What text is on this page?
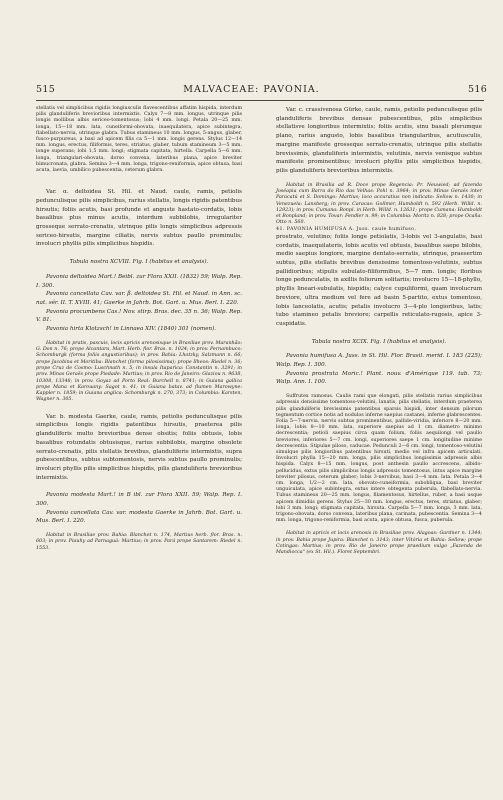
515	MALVACEAE: PAVONIA.	516
stellatis vel simplicibus rigidis longiusculis flavescentibus affatim hispida, interdum pilis glanduliferis brevioribus intermixtis. Calyx 7—8 mm. longus, utrinque pilis longis mollibus albis sericeo-tomentosus; lobi 4 mm. longi. Petala 20—25 mm. longa, 15—18 mm. lata, cuneiformi-obovata, inaequilatera, apice subintegra, flabellato-nervia, utrinque glabra. Tubus stamineus 10 mm. longus, 5-angus, glaber, fusco-purpureus, a basi ad apicem filis ca 5—1 mm. longis gerens. Stylus 12—14 mm. longus, erectus, filiformis, teres, striatus, glaber, tubum stamineum 3—5 mm. longe superans; lobi 1,5 mm. longi; stigmata capitata, hirtella. Carpella 5—6 mm. longa, triangulari-obovata, dorso convexa, lateribus plana, apice breviter bimucronata, glabra. Semina 3—4 mm. longa, trigono-reniformia, apice obtusa, basi acuta, laevia, umbilico pubescentia, ceterum glabra.

Var. α. deltoidea St. Hil. et Naud. caule, ramis, petiolis pedunculisque pilis simplicibus, rarius stellatis, longis rigidis patentibus hirsutis; foliis acutis, basi profunde et anguste hastato-cordatis, lobis basalibus plus minus acutis, interdum subbilobis, irregulariter grosseque serrato-crenatis, utrinque pilis longis simplicibus adpressis sericeo-hirsutis, margine ciliatis, nervis subtus paullo prominulis; involucri phyllis pilis simplicibus hispidis.

Tabula nostra XCVIII. Fig. I (habitus et analysis).

Pavonia deltoidea Mart.! Beibl. zur Flora XXII. (1832) 59; Walp. Rep. I. 300.

Pavonia cancellata Cav. var. β. deltoidea St. Hil. et Naud. in Ann. sc. nat. sér. II. T. XVIII. 41; Gaerke in Jahrb. Bot. Gart. u. Mus. Berl. I. 220.

Pavonia procumbens Cas.! Nov. stirp. Bras. dec. 35 n. 36; Walp. Rep. V. 81.

Pavonia hirta Klotzsch! in Linnaea XIV. (1840) 301 (nomen).

Habitat in pratis, pascuis, locis apricis arenosisque in Brasiliae prov. Maranhão: G. Don n. 76; prope Alcantara, Mart. Herb. flor. Bras. n. 1024; in prov. Pernambuco: Schomburgk (forma foliis angustioribus); in prov. Bahia: Lhotzky, Salzmann n. 66; prope Jacobina et Moritiba: Blanchet (forma pilosissima); prope Ilheos: Riedel n. 36; prope Cruz de Cosmo: Luschnath n. 5; in insula Itaparica: Constantin n. 3291; in prov. Minas Geraës prope Piedade: Martius; in prov. Rio de Janeiro: Glaziou n. 9638, 10308, 13348; in prov. Goyaz ad Porto Real: Burchell n. 8741; in Guiana gallica prope Mana et Karouany: Sagot n. 41; in Guiana batav. ad flumen Marowyne: Kappler n. 1859; in Guiana anglica: Schomburgk n. 270, 373; in Columbia: Karsten, Wagner n. 305.

Var. b. modesta Gaerke, caule, ramis, petiolis pedunculisque pilis simplicibus longis rigidis patentibus hirsutis, praeterea pilis glanduliferis multo brevioribus dense obsitis; foliis obtusis, lobis basalibus rotundatis obtusisque, rarius subbilobis, margine obsolete serrato-crenatis, pilis stellatis brevibus, glanduliferis intermixtis, supra pubescentibus, subtus subtomentosis, nervis subtus paullo prominulis; involucri phyllis pilis simplicibus hispidis, pilis glanduliferis brevioribus intermixtis.

Pavonia modesta Mart.! in B ibl. zur Flora XXII. 59; Walp. Rep. I. 300.

Pavonia cancellata Cav. var. modesta Gaerke in Jahrb. Bot. Gart. u. Mus. Berl. I. 220.

Habitat in Brasiliae prov. Bahia: Blanchet n. 174, Martius herb. flor. Bras. n. 603; in prov. Piauhy ad Parnaguá: Martius; in prov. Pará prope Santarem: Riedel n. 1553.

Var. c. crassivenosa Gürke, caule, ramis, petiolis pedunculisque pilis glanduliferis brevibus densae pubescentibus, pilis simplicibus stellatisve longioribus intermixtis; foliis acutis, sinu basali plerumque plano, rarius angusto, lobis basalibus triangularibus, acutiusculis, margine manifeste grosseque serrato-crenatis, utrinque pilis stellatis brevissimis, glanduliferis intermixtis, velutinis, nervis venisque subtus manifeste prominentibus; involucri phyllis pilis simplicibus hispidis, pilis glanduliferis brevioribus intermixtis.

Habitat in Brasilia ad R. Doce prope Regencia: Pr. Neuwied; ad fazenda Joséapia cum Barra do Rio das Velhas: Pohl n. 3964; in prov. Minas Geraës inter Paracatú et S. Domingo: Martius; loco accuratius non indicato: Sellow n. 1430; in Venezuela: Lansberg; in prov. Caracas: Gollmer, Humboldt n. 592 (Herb. Willd. n. 12923); in prov. Cumana: Bonpl. in Herb. Willd. n. 12631; prope Cumana: Humboldt et Bonpland; in prov. Tovar: Fendler n. 99; in Columbia: Moritz n. 828; prope Ocaña: Otto n. 560.

41. PAVONIA HUMIFUSA A. Juss. caule humifuso,

prostrato, velutino; foliis longe petiolatis, 3-lobis vel 3-angulatis, basi cordatis, inaequilateris, lobis acutis vel obtusis, basalibus saepe bilobis, medio saepius longiore, margine dentato-serratis, utrinque, praesertim subtus, pilis stellatis brevibus densissime tomentoso-velutinis, subtus pallidioribus; stipulis subulato-filiformibus, 5—7 mm. longis; floribus longe pedunculatis, in axillis foliorum solitariis; involucro 15—18-phyllo, phyllis lineari-subulatis, hispidis; calyce cupuliformi, quam involucrum breviore, ultra medium vel fere ad basin 5-partito, extus tomentoso, lobis lanceolatis, acutis; petalis involucro 3—4-plo longioribus, latis; tubo stamineo petalis breviore; carpellis reticulato-rugosis, apice 3-cuspidatis.

Tabula nostra XCIX. Fig. I (habitus et analysis).

Pavonia humifusa A. Juss. in St. Hil. Flor. Brasil. merid. I. 183 (225); Walp. Rep. I. 300.

Pavonia prostrata Moric.! Plant. nouv. d'Amérique 119. tab. 73; Walp. Ann. I. 100.

Suffrutex ramosus. Caulis rami que elongati, pilis stellatis rarius simplicibus adpressis densissime tomentoso-velutini, lanatis, pilis stellatis, interdum praeterea pilis glanduliferis brevissimis patentibus sparsis hispidi, inter densum pilorum tegmentum cortice notis ad nodulos inferne saepius castanei, inferne glabrescentes. Folia 5—7-nervia, nervis subtus prominentibus, pallide-viridia, inferiore 8—20 mm. longa, lobis 8—10 mm. lata, superiore saepius ad 1 cm. diametro minimo decrescentia; petioli saepius circa quam folium, foliis aequilongi vel paullo breviores, inferiores 5—7 cm. longi, superiores saepe 1 cm. longitudine minime decrescentia. Stipulae piloso, caducae. Pedunculi 2—6 cm. longi, tomentoso-velutini simulque pilis longioribus patentibus hirsuti, medio vel infra apicem articulati. Involucri phylla 15—20 mm. longa, pilis simplicibus longissimis adpressis albis hispida. Calyx 8—15 mm. longus, post anthesin paullo accrescens, albido-pellucidus, extus pilis simplicibus longis adpressis tomentosus, intus apice margine breviter pilosus, ceterum glaber; lobis 3-nervibus, basi 3—4 mm. lata. Petala 3—4 cm. longa, 1/2—2 cm. lata, obovato-cuneiformia, subobliqua, basi breviter unguiculata, apice subintegra, extus intere obtegenta puberula, flabellato-nervia. Tubus stamineus 20—25 mm. longus, filamentosus, hirtellus, ruber, a basi usque apicem dimidiis gerens. Stylus 25—30 mm. longus, erectus, teres, striatus, glaber; lobi 3 mm. longi; stigmata capitata, hirsuta. Carpella 5—7 mm. longa, 3 mm. lata, trigono-obovata, dorso convexa, lateribus plana, carinata, pubescentia. Semina 3—4 mm. longa, trigono-reniformia, basi acuta, apice obtusa, fusca, puberula.

Habitat in apricis et locis arenosis in Brasiliae prov. Alagoas: Gardner n. 1344; in prov. Bahia prope Jupira: Blanchet n. 3143; inter Vitória et Bahia: Sellow; prope Cotingas: Martius; in prov. Rio de Janeiro prope praedium vulgo „Fazenda de Mandiocca" (ex St. Hil.). Floret Septembri.
